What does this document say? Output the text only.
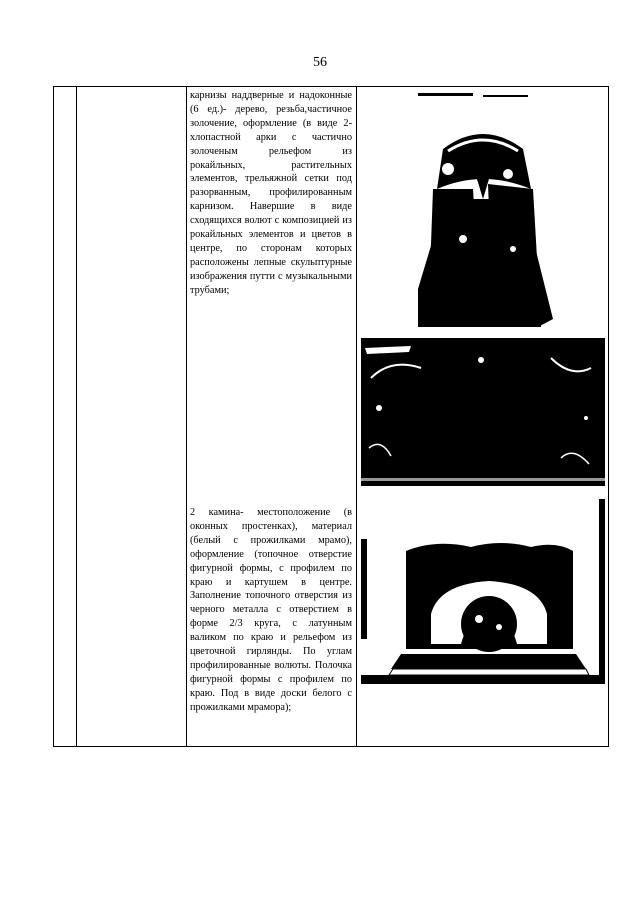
56

карнизы наддверные и надоконные (6 ед.)- дерево, резьба,частичное золочение, оформление (в виде 2-хлопастной арки с частично золоченым рельефом из рокайльных, растительных элементов, трельяжной сетки под разорванным, профилированным карнизом. Навершие в виде сходящихся волют с композицией из рокайльных элементов и цветов в центре, по сторонам которых расположены лепные скульптурные изображения путти с музыкальными трубами;

2 камина- местоположение (в оконных простенках), материал (белый с прожилками мрамо), оформление (топочное отверстие фигурной формы, с профилем по краю и картушем в центре. Заполнение топочного отверстия из черного металла с отверстием в форме 2/3 круга, с латунным валиком по краю и рельефом из цветочной гирлянды. По углам профилированные волюты. Полочка фигурной формы с профилем по краю. Под в виде доски белого с прожилками мрамора);
